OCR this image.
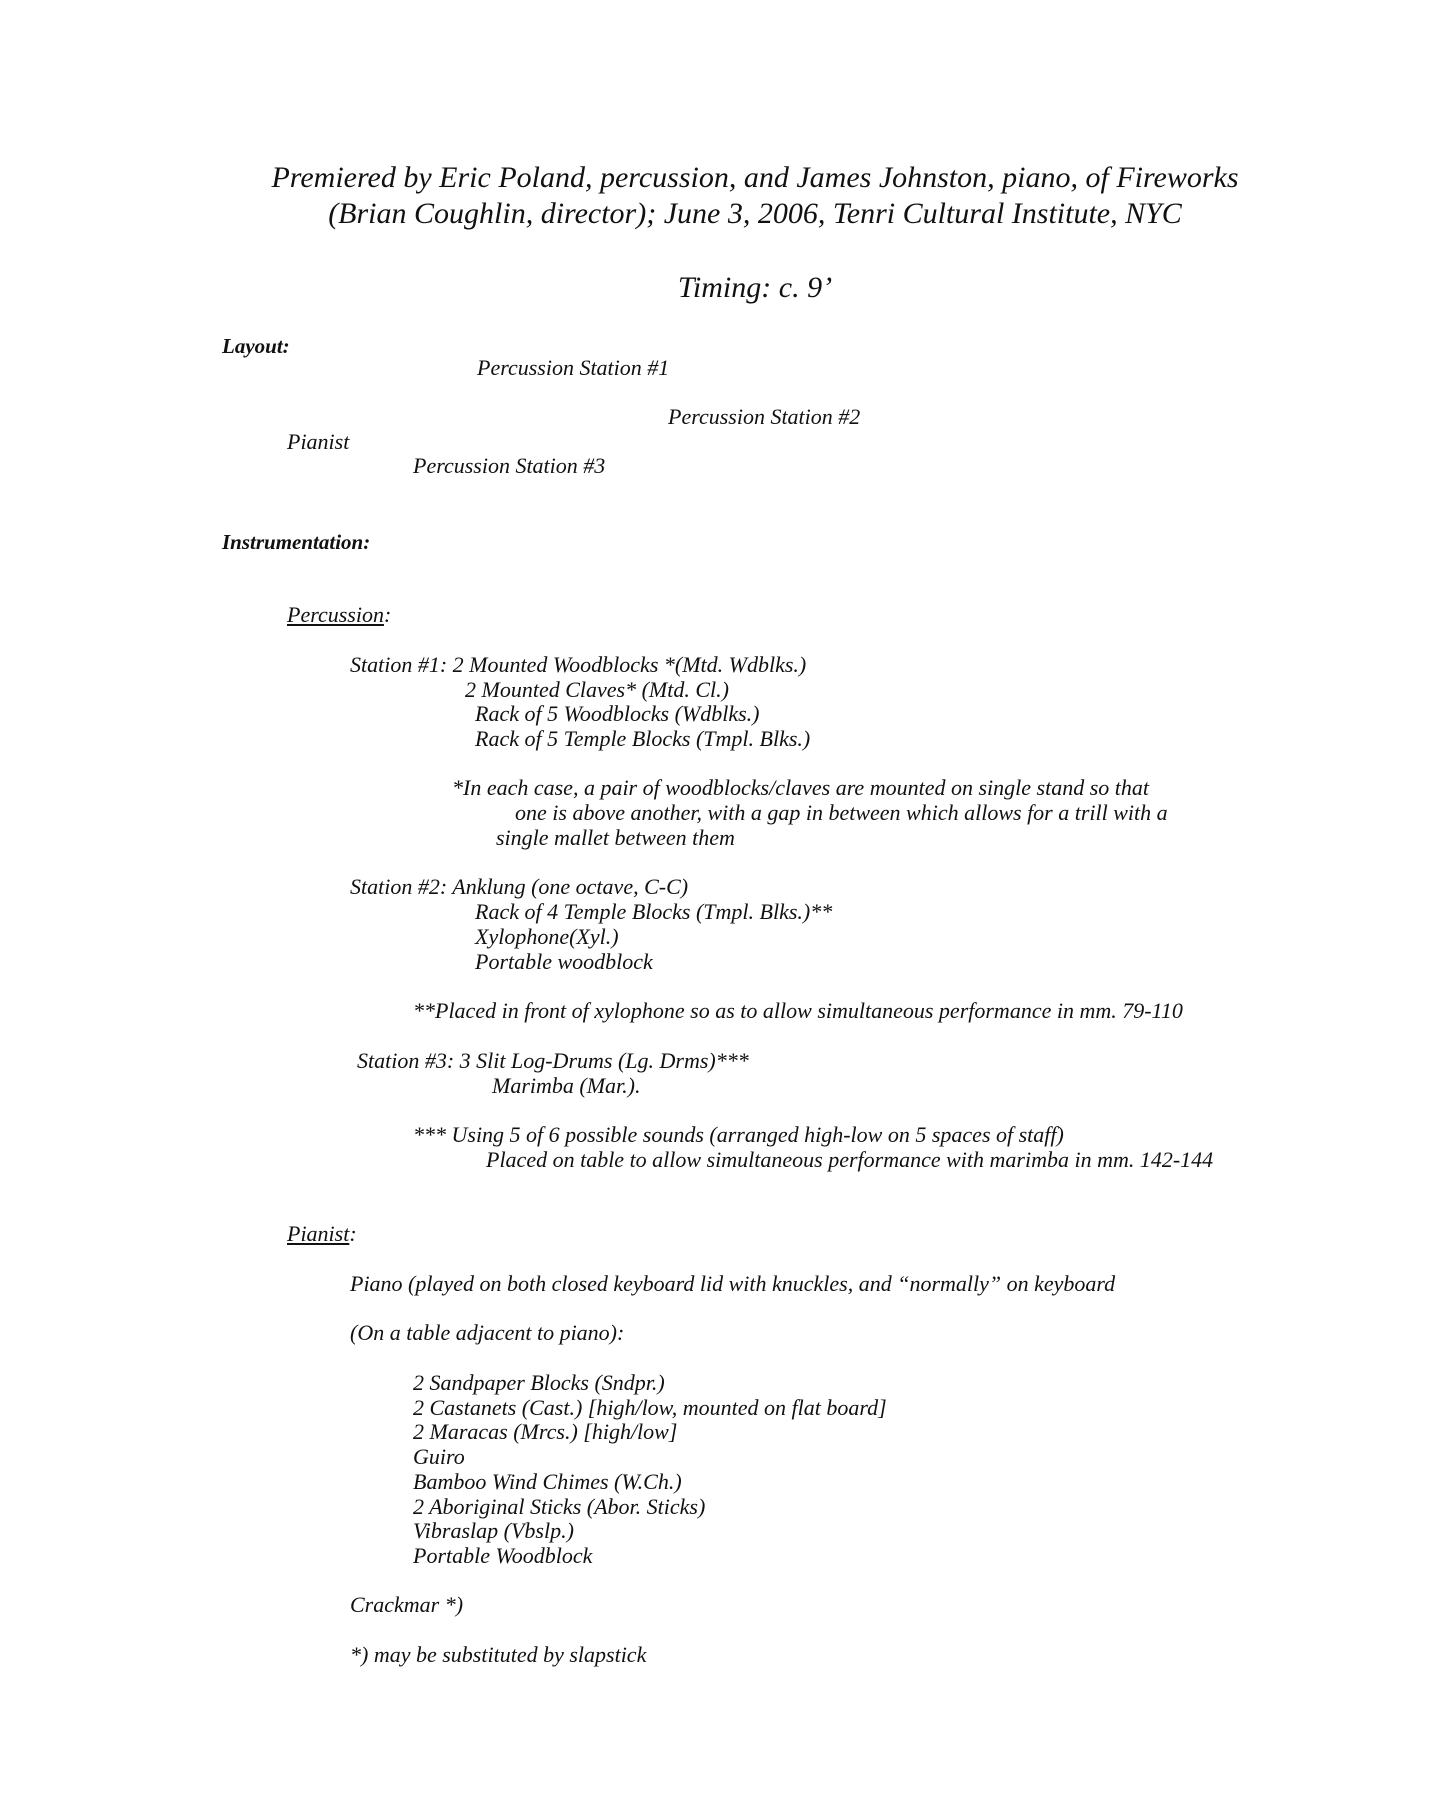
Premiered by Eric Poland, percussion, and James Johnston, piano, of Fireworks
(Brian Coughlin, director); June 3, 2006, Tenri Cultural Institute, NYC
Timing: c. 9’
Layout:
Percussion Station #1
Percussion Station #2
Pianist
Percussion Station #3
Instrumentation:
Percussion:
Station #1: 2 Mounted Woodblocks *(Mtd. Wdblks.)
2 Mounted Claves* (Mtd. Cl.)
Rack of 5 Woodblocks (Wdblks.)
Rack of 5 Temple Blocks (Tmpl. Blks.)
*In each case, a pair of woodblocks/claves are mounted on single stand so that
one is above another, with a gap in between which allows for a trill with a
single mallet between them
Station #2: Anklung (one octave, C-C)
Rack of 4 Temple Blocks (Tmpl. Blks.)**
Xylophone(Xyl.)
Portable woodblock
**Placed in front of xylophone so as to allow simultaneous performance in mm. 79-110
Station #3: 3 Slit Log-Drums (Lg. Drms)***
Marimba (Mar.).
*** Using 5 of 6 possible sounds (arranged high-low on 5 spaces of staff)
Placed on table to allow simultaneous performance with marimba in mm. 142-144
Pianist:
Piano (played on both closed keyboard lid with knuckles, and “normally” on keyboard
(On a table adjacent to piano):
2 Sandpaper Blocks (Sndpr.)
2 Castanets (Cast.) [high/low, mounted on flat board]
2 Maracas (Mrcs.) [high/low]
Guiro
Bamboo Wind Chimes (W.Ch.)
2 Aboriginal Sticks (Abor. Sticks)
Vibraslap (Vbslp.)
Portable Woodblock
Crackmar *)
*) may be substituted by slapstick
